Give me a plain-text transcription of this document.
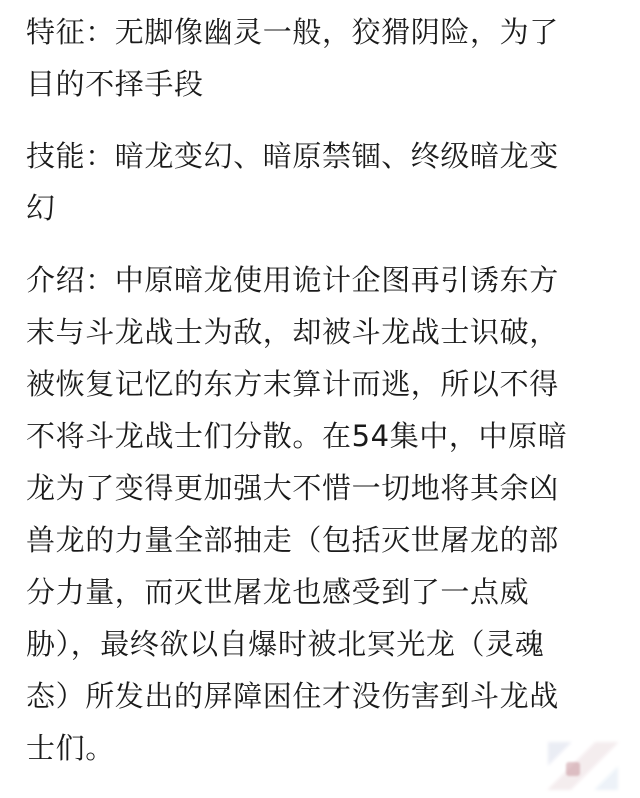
特征：无脚像幽灵一般，狡猾阴险，为了
目的不择手段
技能：暗龙变幻、暗原禁锢、终级暗龙变
幻
介绍：中原暗龙使用诡计企图再引诱东方
末与斗龙战士为敌，却被斗龙战士识破，
被恢复记忆的东方末算计而逃，所以不得
不将斗龙战士们分散。在54集中，中原暗
龙为了变得更加强大不惜一切地将其余凶
兽龙的力量全部抽走（包括灭世屠龙的部
分力量，而灭世屠龙也感受到了一点威
胁），最终欲以自爆时被北冥光龙（灵魂
态）所发出的屏障困住才没伤害到斗龙战
士们。
